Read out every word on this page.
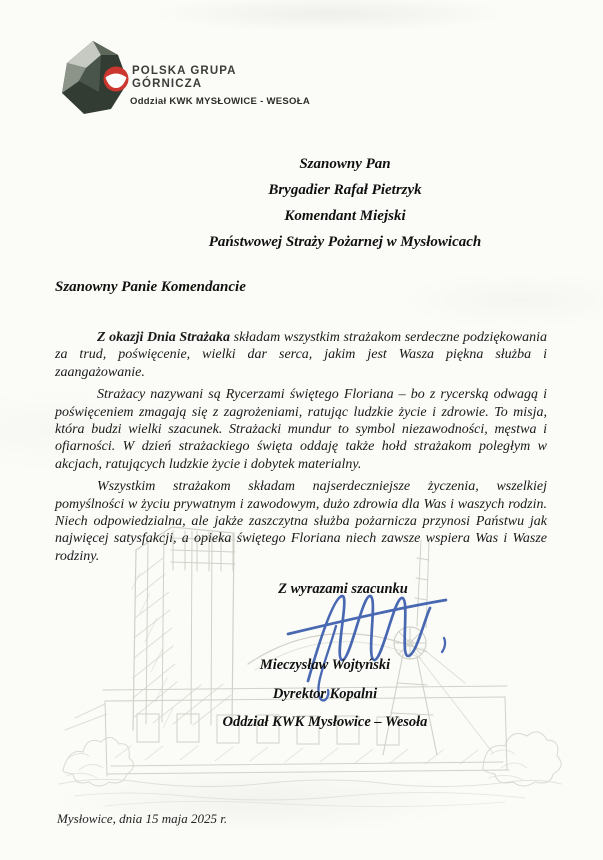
POLSKA GRUPA
GÓRNICZA
Oddział KWK MYSŁOWICE - WESOŁA
Szanowny Pan
Brygadier Rafał Pietrzyk
Komendant Miejski
Państwowej Straży Pożarnej w Mysłowicach
Szanowny Panie Komendancie

Z okazji Dnia Strażaka składam wszystkim strażakom serdeczne podziękowania za trud, poświęcenie, wielki dar serca, jakim jest Wasza piękna służba i zaangażowanie.

Strażacy nazywani są Rycerzami świętego Floriana – bo z rycerską odwagą i poświęceniem zmagają się z zagrożeniami, ratując ludzkie życie i zdrowie. To misja, która budzi wielki szacunek. Strażacki mundur to symbol niezawodności, męstwa i ofiarności. W dzień strażackiego święta oddaję także hołd strażakom poległym w akcjach, ratujących ludzkie życie i dobytek materialny.

Wszystkim strażakom składam najserdeczniejsze życzenia, wszelkiej pomyślności w życiu prywatnym i zawodowym, dużo zdrowia dla Was i waszych rodzin. Niech odpowiedzialna, ale jakże zaszczytna służba pożarnicza przynosi Państwu jak najwięcej satysfakcji, a opieka świętego Floriana niech zawsze wspiera Was i Wasze rodziny.

Z wyrazami szacunku
Mieczysław Wojtyński
Dyrektor Kopalni
Oddział KWK Mysłowice – Wesoła
Mysłowice, dnia 15 maja 2025 r.
